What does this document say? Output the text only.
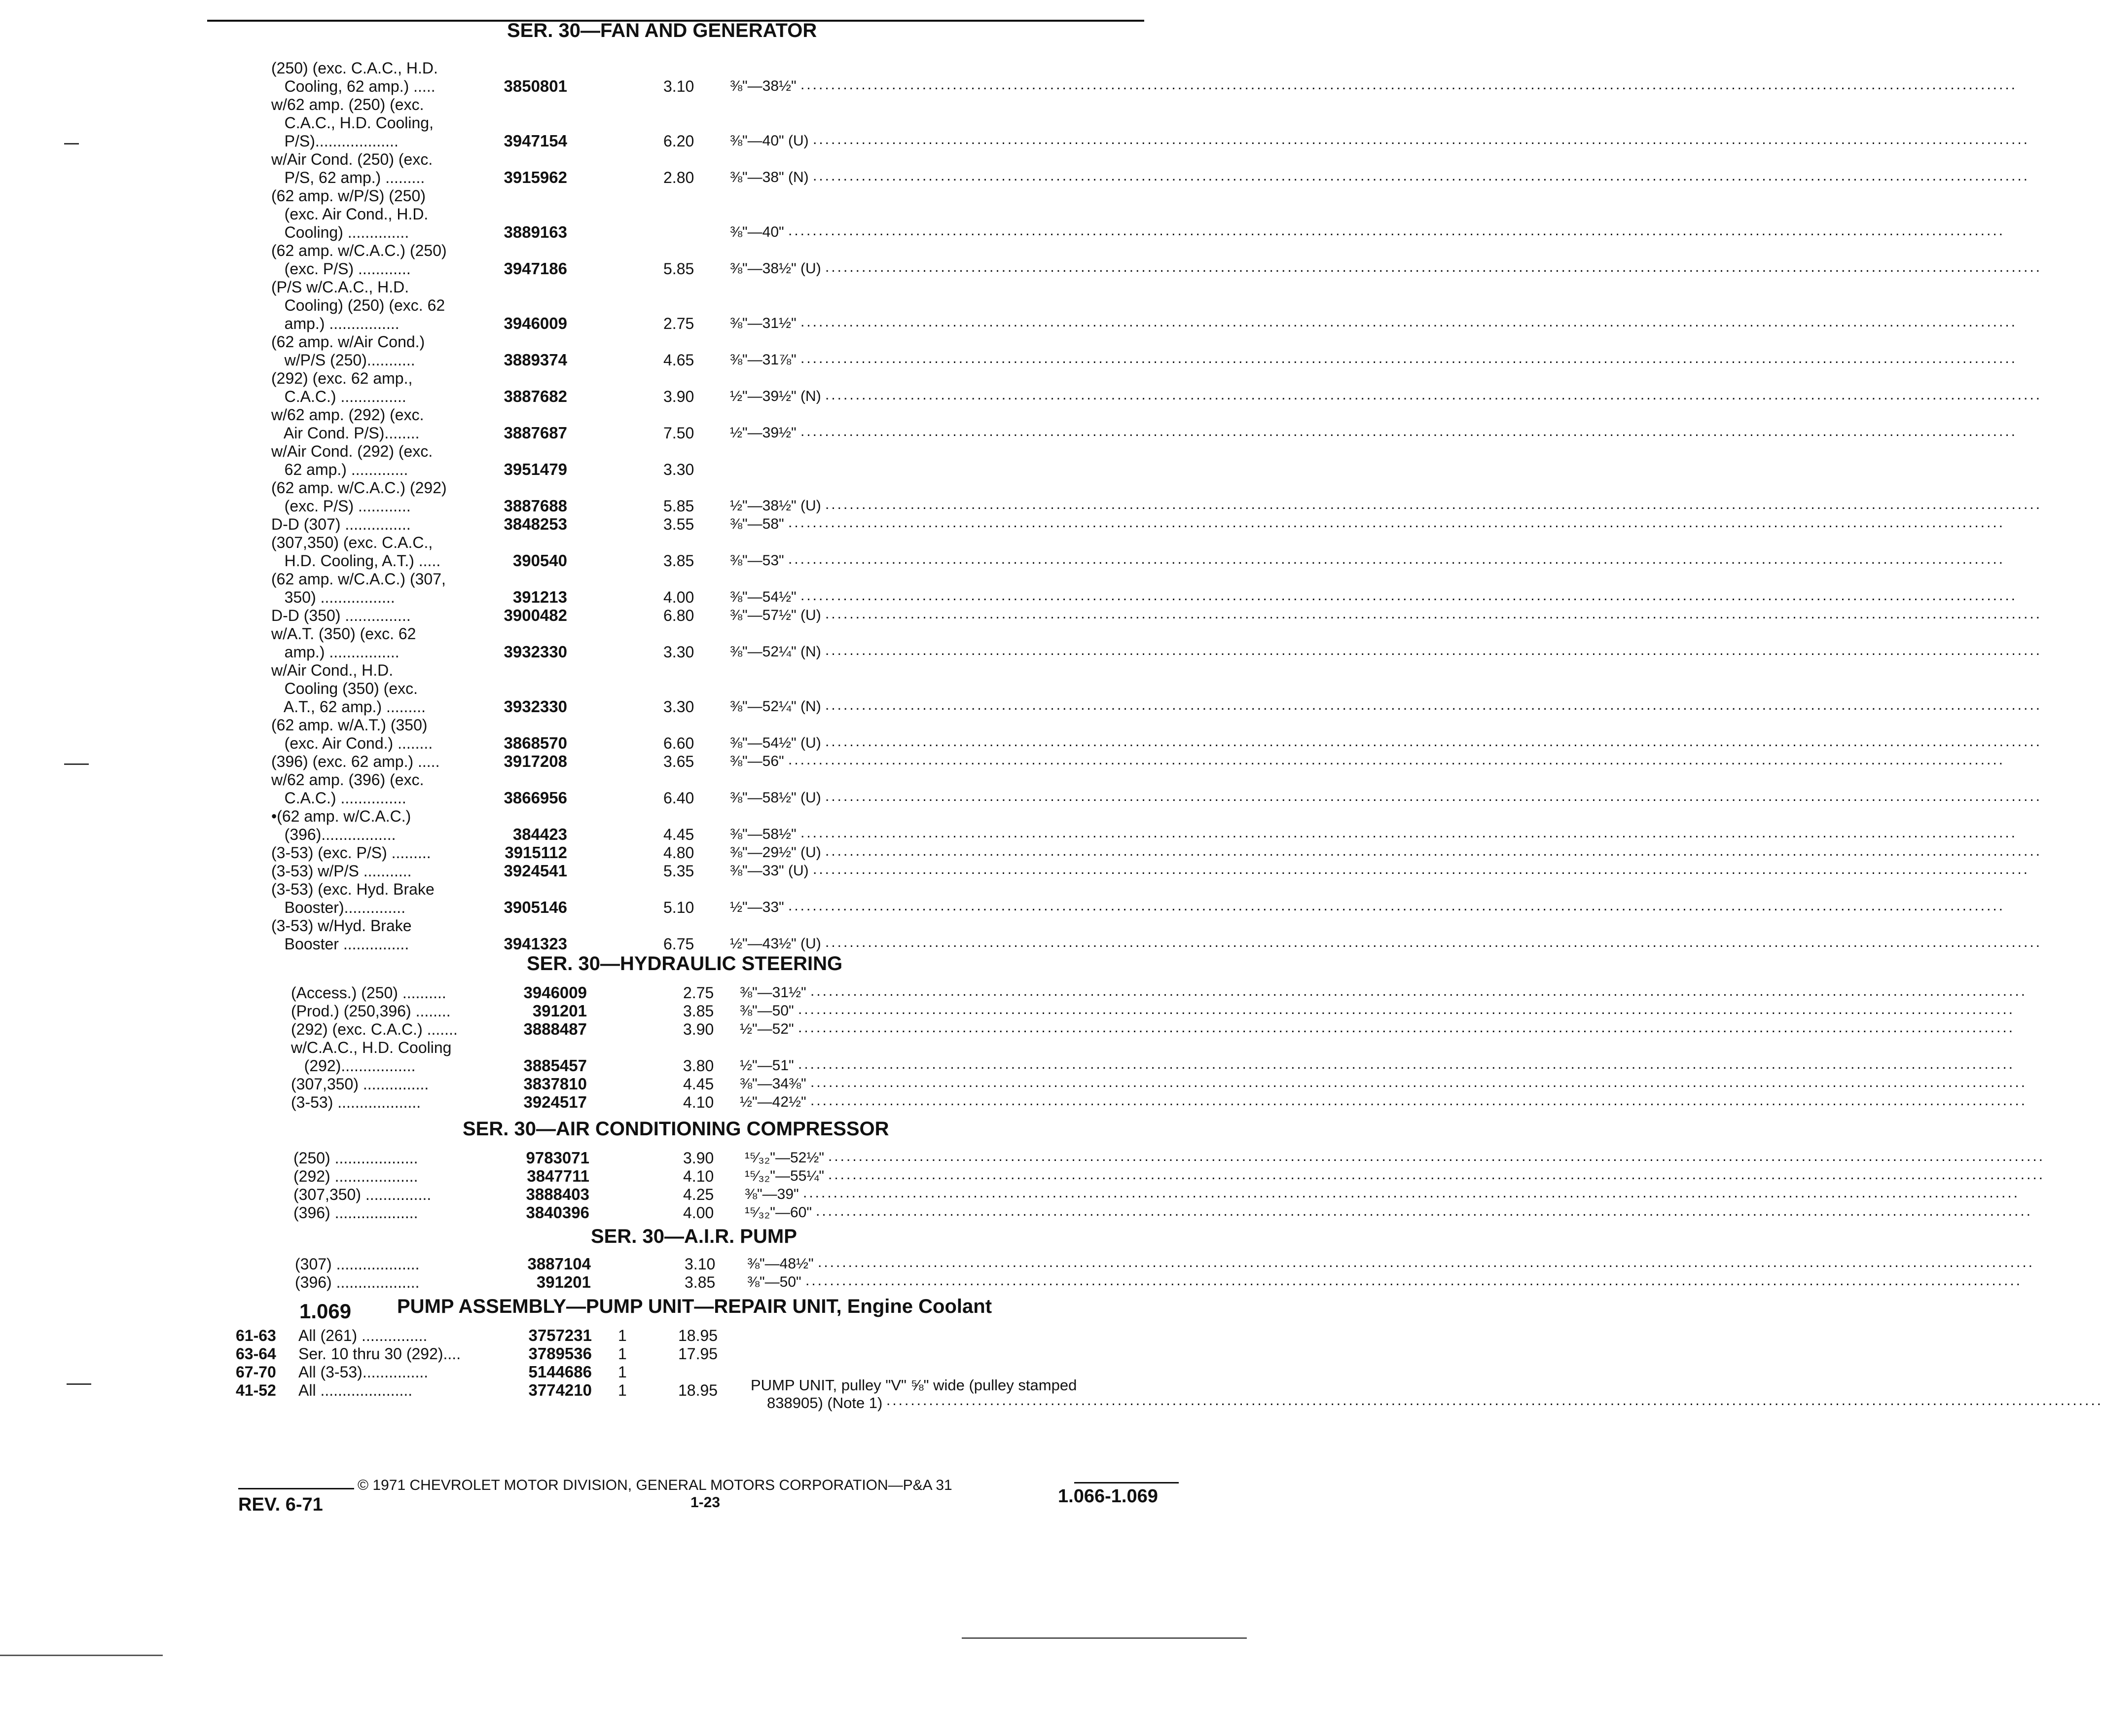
SER. 30—FAN AND GENERATOR
(250) (exc. C.A.C., H.D.
Cooling, 62 amp.) .....	3850801	3.10 ⅜"—38½" ........................................................................................................................................................................................................
w/62 amp. (250) (exc.
C.A.C., H.D. Cooling,
P/S)...................	3947154	6.20 ⅜"—40" (U) ........................................................................................................................................................................................................
w/Air Cond. (250) (exc.
P/S, 62 amp.) .........	3915962	2.80 ⅜"—38" (N) ........................................................................................................................................................................................................
(62 amp. w/P/S) (250)
(exc. Air Cond., H.D.
Cooling) ..............	3889163	⅜"—40" ........................................................................................................................................................................................................
(62 amp. w/C.A.C.) (250)
(exc. P/S) ............	3947186	5.85 ⅜"—38½" (U) ........................................................................................................................................................................................................
(P/S w/C.A.C., H.D.
Cooling) (250) (exc. 62
amp.) ................	3946009	2.75 ⅜"—31½" ........................................................................................................................................................................................................
(62 amp. w/Air Cond.)
w/P/S (250)...........	3889374	4.65 ⅜"—31⅞" ........................................................................................................................................................................................................
(292) (exc. 62 amp.,
C.A.C.) ...............	3887682	3.90 ½"—39½" (N) ........................................................................................................................................................................................................
w/62 amp. (292) (exc.
Air Cond. P/S)........	3887687	7.50 ½"—39½" ........................................................................................................................................................................................................
w/Air Cond. (292) (exc.
62 amp.) .............	3951479	3.30
(62 amp. w/C.A.C.) (292)
(exc. P/S) ............	3887688	5.85 ½"—38½" (U) ........................................................................................................................................................................................................
D-D (307) ...............	3848253	3.55 ⅜"—58" ........................................................................................................................................................................................................
(307,350) (exc. C.A.C.,
H.D. Cooling, A.T.) .....	390540	3.85 ⅜"—53" ........................................................................................................................................................................................................
(62 amp. w/C.A.C.) (307,
350) .................	391213	4.00 ⅜"—54½" ........................................................................................................................................................................................................
D-D (350) ...............	3900482	6.80 ⅜"—57½" (U) ........................................................................................................................................................................................................
w/A.T. (350) (exc. 62
amp.) ................	3932330	3.30 ⅜"—52¼" (N) ........................................................................................................................................................................................................
w/Air Cond., H.D.
Cooling (350) (exc.
A.T., 62 amp.) .........	3932330	3.30 ⅜"—52¼" (N) ........................................................................................................................................................................................................
(62 amp. w/A.T.) (350)
(exc. Air Cond.) ........	3868570	6.60 ⅜"—54½" (U) ........................................................................................................................................................................................................
(396) (exc. 62 amp.) .....	3917208	3.65 ⅜"—56" ........................................................................................................................................................................................................
w/62 amp. (396) (exc.
C.A.C.) ...............	3866956	6.40 ⅜"—58½" (U) ........................................................................................................................................................................................................
•(62 amp. w/C.A.C.)
(396).................	384423	4.45 ⅜"—58½" ........................................................................................................................................................................................................
(3-53) (exc. P/S) .........	3915112	4.80 ⅜"—29½" (U) ........................................................................................................................................................................................................
(3-53) w/P/S ...........	3924541	5.35 ⅜"—33" (U) ........................................................................................................................................................................................................
(3-53) (exc. Hyd. Brake
Booster)..............	3905146	5.10 ½"—33" ........................................................................................................................................................................................................
(3-53) w/Hyd. Brake
Booster ...............	3941323	6.75 ½"—43½" (U) ........................................................................................................................................................................................................
SER. 30—HYDRAULIC STEERING
(Access.) (250) ..........	3946009	2.75 ⅜"—31½" ........................................................................................................................................................................................................
(Prod.) (250,396) ........	391201	3.85 ⅜"—50" ........................................................................................................................................................................................................
(292) (exc. C.A.C.) .......	3888487	3.90 ½"—52" ........................................................................................................................................................................................................
w/C.A.C., H.D. Cooling
(292).................	3885457	3.80 ½"—51" ........................................................................................................................................................................................................
(307,350) ...............	3837810	4.45 ⅜"—34⅜" ........................................................................................................................................................................................................
(3-53) ...................	3924517	4.10 ½"—42½" ........................................................................................................................................................................................................
SER. 30—AIR CONDITIONING COMPRESSOR
(250) ...................	9783071	3.90 ¹⁵⁄₃₂"—52½" ........................................................................................................................................................................................................
(292) ...................	3847711	4.10 ¹⁵⁄₃₂"—55¼" ........................................................................................................................................................................................................
(307,350) ...............	3888403	4.25 ⅜"—39" ........................................................................................................................................................................................................
(396) ...................	3840396	4.00 ¹⁵⁄₃₂"—60" ........................................................................................................................................................................................................
SER. 30—A.I.R. PUMP
(307) ...................	3887104	3.10 ⅜"—48½" ........................................................................................................................................................................................................
(396) ...................	391201	3.85 ⅜"—50" ........................................................................................................................................................................................................
1.069 PUMP ASSEMBLY—PUMP UNIT—REPAIR UNIT, Engine Coolant
61-63 All (261) ...............	3757231 1	18.95
63-64 Ser. 10 thru 30 (292)....	3789536 1	17.95
67-70 All (3-53)...............	5144686 1
41-52 All .....................	3774210 1	18.95 PUMP UNIT, pulley "V" ⅝" wide (pulley stamped
838905) (Note 1) ........................................................................................................................................................................................................
© 1971 CHEVROLET MOTOR DIVISION, GENERAL MOTORS CORPORATION—P&A 31
REV. 6-71	1-23	1.066-1.069
